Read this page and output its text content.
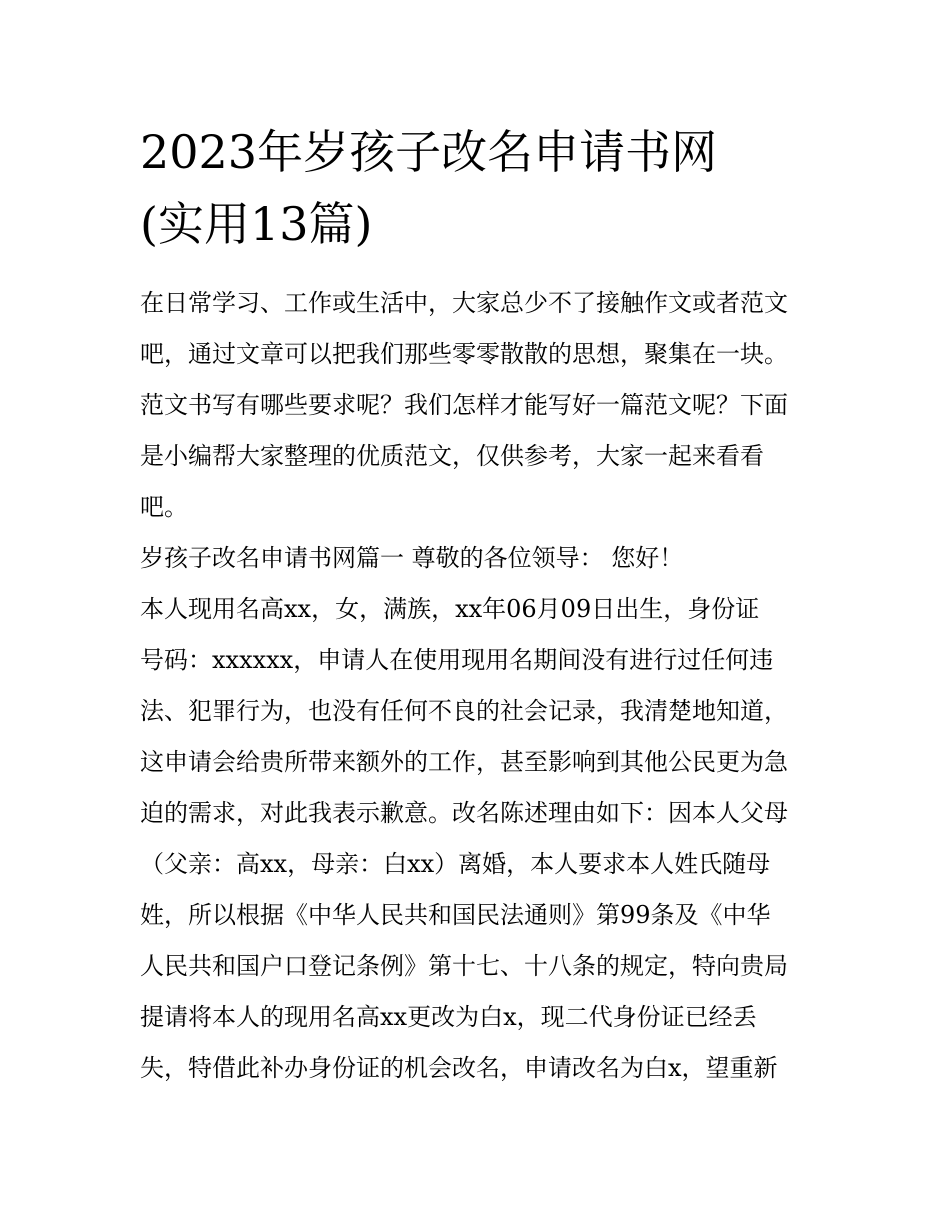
2023年岁孩子改名申请书网
(实用13篇)
在日常学习、工作或生活中，大家总少不了接触作文或者范文
吧，通过文章可以把我们那些零零散散的思想，聚集在一块。
范文书写有哪些要求呢？我们怎样才能写好一篇范文呢？下面
是小编帮大家整理的优质范文，仅供参考，大家一起来看看
吧。
岁孩子改名申请书网篇一 尊敬的各位领导： 您好！
本人现用名高xx，女，满族，xx年06月09日出生，身份证
号码：xxxxxx，申请人在使用现用名期间没有进行过任何违
法、犯罪行为，也没有任何不良的社会记录，我清楚地知道，
这申请会给贵所带来额外的工作，甚至影响到其他公民更为急
迫的需求，对此我表示歉意。改名陈述理由如下：因本人父母
（父亲：高xx，母亲：白xx）离婚，本人要求本人姓氏随母
姓，所以根据《中华人民共和国民法通则》第99条及《中华
人民共和国户口登记条例》第十七、十八条的规定，特向贵局
提请将本人的现用名高xx更改为白x，现二代身份证已经丢
失，特借此补办身份证的机会改名，申请改名为白x，望重新
